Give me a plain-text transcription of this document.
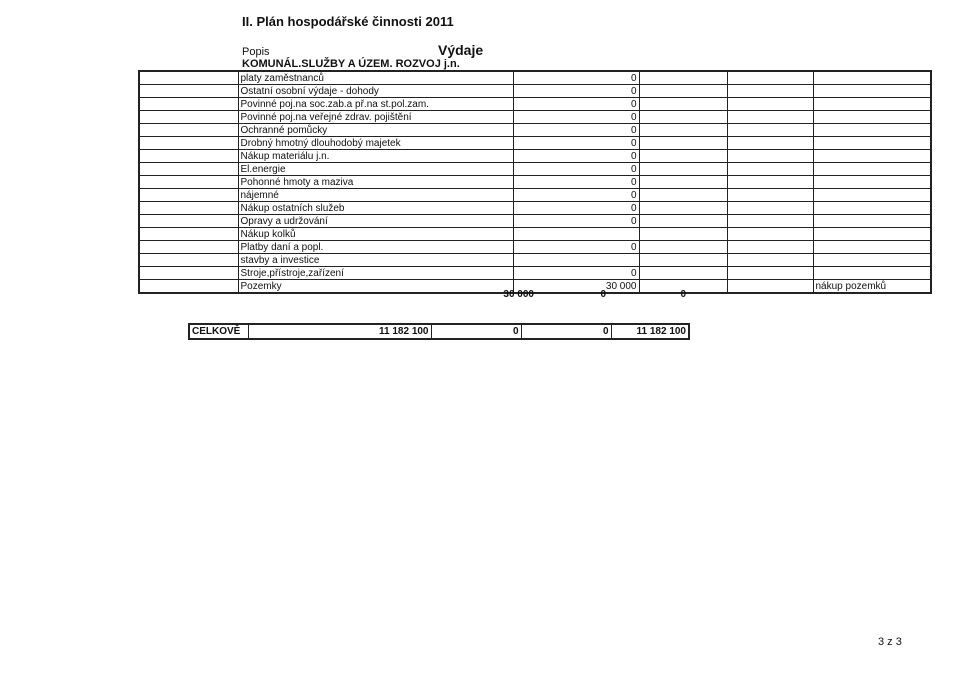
II. Plán hospodářské činnosti 2011
Popis	Výdaje
KOMUNÁL.SLUŽBY A ÚZEM. ROZVOJ j.n.
	platy zaměstnanců	0			
	Ostatní osobní výdaje - dohody	0			
	Povinné poj.na soc.zab.a př.na st.pol.zam.	0			
	Povinné poj.na veřejné zdrav. pojištění	0			
	Ochranné pomůcky	0			
	Drobný hmotný dlouhodobý majetek	0			
	Nákup materiálu j.n.	0			
	El.energie	0			
	Pohonné hmoty a maziva	0			
	nájemné	0			
	Nákup ostatních služeb	0			
	Opravy a udržování	0			
	Nákup kolků				
	Platby daní a popl.	0			
	stavby a investice				
	Stroje,přístroje,zařízení	0			
	Pozemky	30 000			nákup pozemků
30 000	0	0
CELKOVĚ	11 182 100	0	0	11 182 100
3 z 3
